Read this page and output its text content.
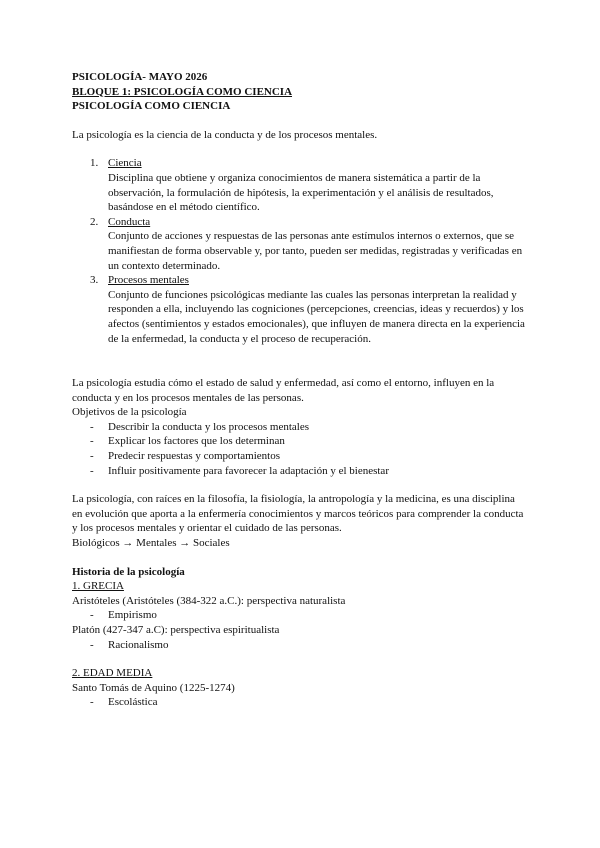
PSICOLOGÍA- MAYO 2026

BLOQUE 1: PSICOLOGÍA COMO CIENCIA

PSICOLOGÍA COMO CIENCIA

La psicología es la ciencia de la conducta y de los procesos mentales.

1. Ciencia

Disciplina que obtiene y organiza conocimientos de manera sistemática a partir de la observación, la formulación de hipótesis, la experimentación y el análisis de resultados, basándose en el método científico.

2. Conducta

Conjunto de acciones y respuestas de las personas ante estímulos internos o externos, que se manifiestan de forma observable y, por tanto, pueden ser medidas, registradas y verificadas en un contexto determinado.

3. Procesos mentales

Conjunto de funciones psicológicas mediante las cuales las personas interpretan la realidad y responden a ella, incluyendo las cogniciones (percepciones, creencias, ideas y recuerdos) y los afectos (sentimientos y estados emocionales), que influyen de manera directa en la experiencia de la enfermedad, la conducta y el proceso de recuperación.

La psicología estudia cómo el estado de salud y enfermedad, así como el entorno, influyen en la conducta y en los procesos mentales de las personas.

Objetivos de la psicología

- Describir la conducta y los procesos mentales
- Explicar los factores que los determinan
- Predecir respuestas y comportamientos
- Influir positivamente para favorecer la adaptación y el bienestar

La psicología, con raíces en la filosofía, la fisiología, la antropología y la medicina, es una disciplina en evolución que aporta a la enfermería conocimientos y marcos teóricos para comprender la conducta y los procesos mentales y orientar el cuidado de las personas.

Biológicos → Mentales → Sociales

Historia de la psicología

1. GRECIA

Aristóteles (Aristóteles (384-322 a.C.): perspectiva naturalista

- Empirismo

Platón (427-347 a.C): perspectiva espiritualista

- Racionalismo

2. EDAD MEDIA

Santo Tomás de Aquino (1225-1274)

- Escolástica
